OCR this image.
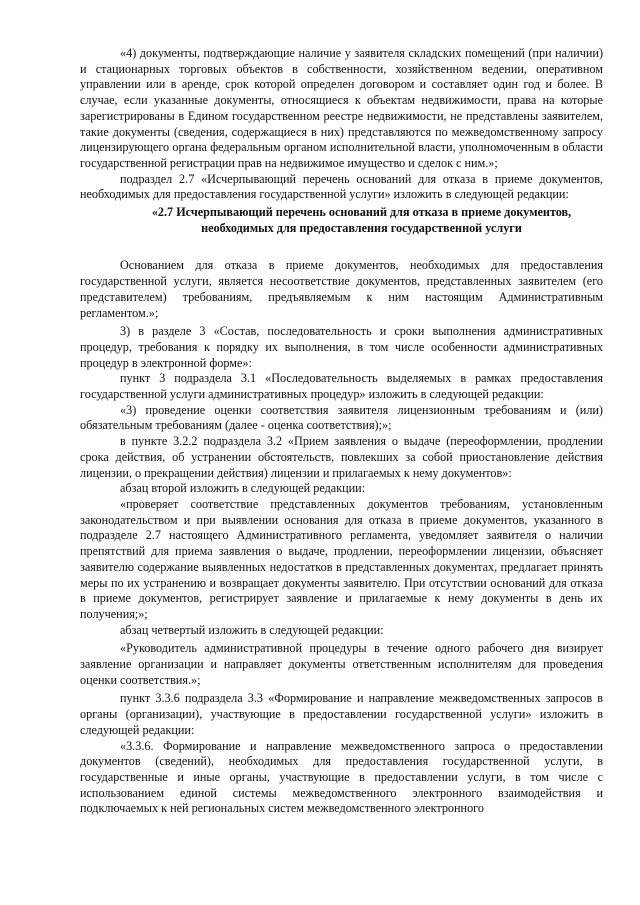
«4) документы, подтверждающие наличие у заявителя складских помещений (при наличии) и стационарных торговых объектов в собственности, хозяйственном ведении, оперативном управлении или в аренде, срок которой определен договором и составляет один год и более. В случае, если указанные документы, относящиеся к объектам недвижимости, права на которые зарегистрированы в Едином государственном реестре недвижимости, не представлены заявителем, такие документы (сведения, содержащиеся в них) представляются по межведомственному запросу лицензирующего органа федеральным органом исполнительной власти, уполномоченным в области государственной регистрации прав на недвижимое имущество и сделок с ним.»;

подраздел 2.7 «Исчерпывающий перечень оснований для отказа в приеме документов, необходимых для предоставления государственной услуги» изложить в следующей редакции:

«2.7 Исчерпывающий перечень оснований для отказа в приеме документов, необходимых для предоставления государственной услуги

Основанием для отказа в приеме документов, необходимых для предоставления государственной услуги, является несоответствие документов, представленных заявителем (его представителем) требованиям, предъявляемым к ним настоящим Административным регламентом.»;

3) в разделе 3 «Состав, последовательность и сроки выполнения административных процедур, требования к порядку их выполнения, в том числе особенности административных процедур в электронной форме»:

пункт 3 подраздела 3.1 «Последовательность выделяемых в рамках предоставления государственной услуги административных процедур» изложить в следующей редакции:

«3) проведение оценки соответствия заявителя лицензионным требованиям и (или) обязательным требованиям (далее - оценка соответствия);»;

в пункте 3.2.2 подраздела 3.2 «Прием заявления о выдаче (переоформлении, продлении срока действия, об устранении обстоятельств, повлекших за собой приостановление действия лицензии, о прекращении действия) лицензии и прилагаемых к нему документов»:

абзац второй изложить в следующей редакции:

«проверяет соответствие представленных документов требованиям, установленным законодательством и при выявлении основания для отказа в приеме документов, указанного в подразделе 2.7 настоящего Административного регламента, уведомляет заявителя о наличии препятствий для приема заявления о выдаче, продлении, переоформлении лицензии, объясняет заявителю содержание выявленных недостатков в представленных документах, предлагает принять меры по их устранению и возвращает документы заявителю. При отсутствии оснований для отказа в приеме документов, регистрирует заявление и прилагаемые к нему документы в день их получения;»;

абзац четвертый изложить в следующей редакции:

«Руководитель административной процедуры в течение одного рабочего дня визирует заявление организации и направляет документы ответственным исполнителям для проведения оценки соответствия.»;

пункт 3.3.6 подраздела 3.3 «Формирование и направление межведомственных запросов в органы (организации), участвующие в предоставлении государственной услуги» изложить в следующей редакции:

«3.3.6. Формирование и направление межведомственного запроса о предоставлении документов (сведений), необходимых для предоставления государственной услуги, в государственные и иные органы, участвующие в предоставлении услуги, в том числе с использованием единой системы межведомственного электронного взаимодействия и подключаемых к ней региональных систем межведомственного электронного
